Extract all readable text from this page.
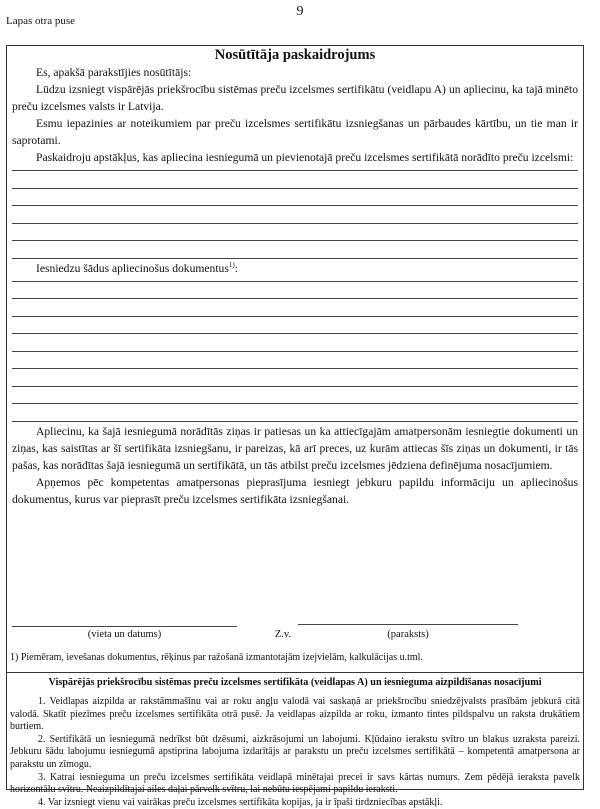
9
Lapas otra puse
Nosūtītāja paskaidrojums

Es, apakšā parakstījies nosūtītājs:

Lūdzu izsniegt vispārējās priekšrocību sistēmas preču izcelsmes sertifikātu (veidlapu A) un apliecinu, ka tajā minēto preču izcelsmes valsts ir Latvija.

Esmu iepazinies ar noteikumiem par preču izcelsmes sertifikātu izsniegšanas un pārbaudes kārtību, un tie man ir saprotami.

Paskaidroju apstākļus, kas apliecina iesniegumā un pievienotajā preču izcelsmes sertifikātā norādīto preču izcelsmi:

Iesniedzu šādus apliecinošus dokumentus$^{1)}$:

Apliecinu, ka šajā iesniegumā norādītās ziņas ir patiesas un ka attiecīgajām amatpersonām iesniegtie dokumenti un ziņas, kas saistītas ar šī sertifikāta izsniegšanu, ir pareizas, kā arī preces, uz kurām attiecas šīs ziņas un dokumenti, ir tās pašas, kas norādītas šajā iesniegumā un sertifikātā, un tās atbilst preču izcelsmes jēdziena definējuma nosacījumiem.

Apņemos pēc kompetentas amatpersonas pieprasījuma iesniegt jebkuru papildu informāciju un apliecinošus dokumentus, kurus var pieprasīt preču izcelsmes sertifikāta izsniegšanai.

(vieta un datums)	Z.v.	(paraksts)
1) Piemēram, ievešanas dokumentus, rēķinus par ražošanā izmantotajām izejvielām, kalkulācijas u.tml.
Vispārējās priekšrocību sistēmas preču izcelsmes sertifikāta (veidlapas A) un iesnieguma aizpildīšanas nosacījumi

1. Veidlapas aizpilda ar rakstāmmašīnu vai ar roku angļu valodā vai saskaņā ar priekšrocību sniedzējvalsts prasībām jebkurā citā valodā. Skatīt piezīmes preču izcelsmes sertifikāta otrā pusē. Ja veidlapas aizpilda ar roku, izmanto tintes pildspalvu un raksta drukātiem burtiem.

2. Sertifikātā un iesniegumā nedrīkst būt dzēsumi, aizkrāsojumi un labojumi. Kļūdaino ierakstu svītro un blakus uzraksta pareizi. Jebkuru šādu labojumu iesniegumā apstiprina labojuma izdarītājs ar parakstu un preču izcelsmes sertifikātā – kompetentā amatpersona ar parakstu un zīmogu.

3. Katrai iesnieguma un preču izcelsmes sertifikāta veidlapā minētajai precei ir savs kārtas numurs. Zem pēdējā ieraksta pavelk horizontālu svītru. Neaizpildītajai ailes daļai pārvelk svītru, lai nebūtu iespējami papildu ieraksti.

4. Var izsniegt vienu vai vairākas preču izcelsmes sertifikāta kopijas, ja ir īpaši tirdzniecības apstākļi.
